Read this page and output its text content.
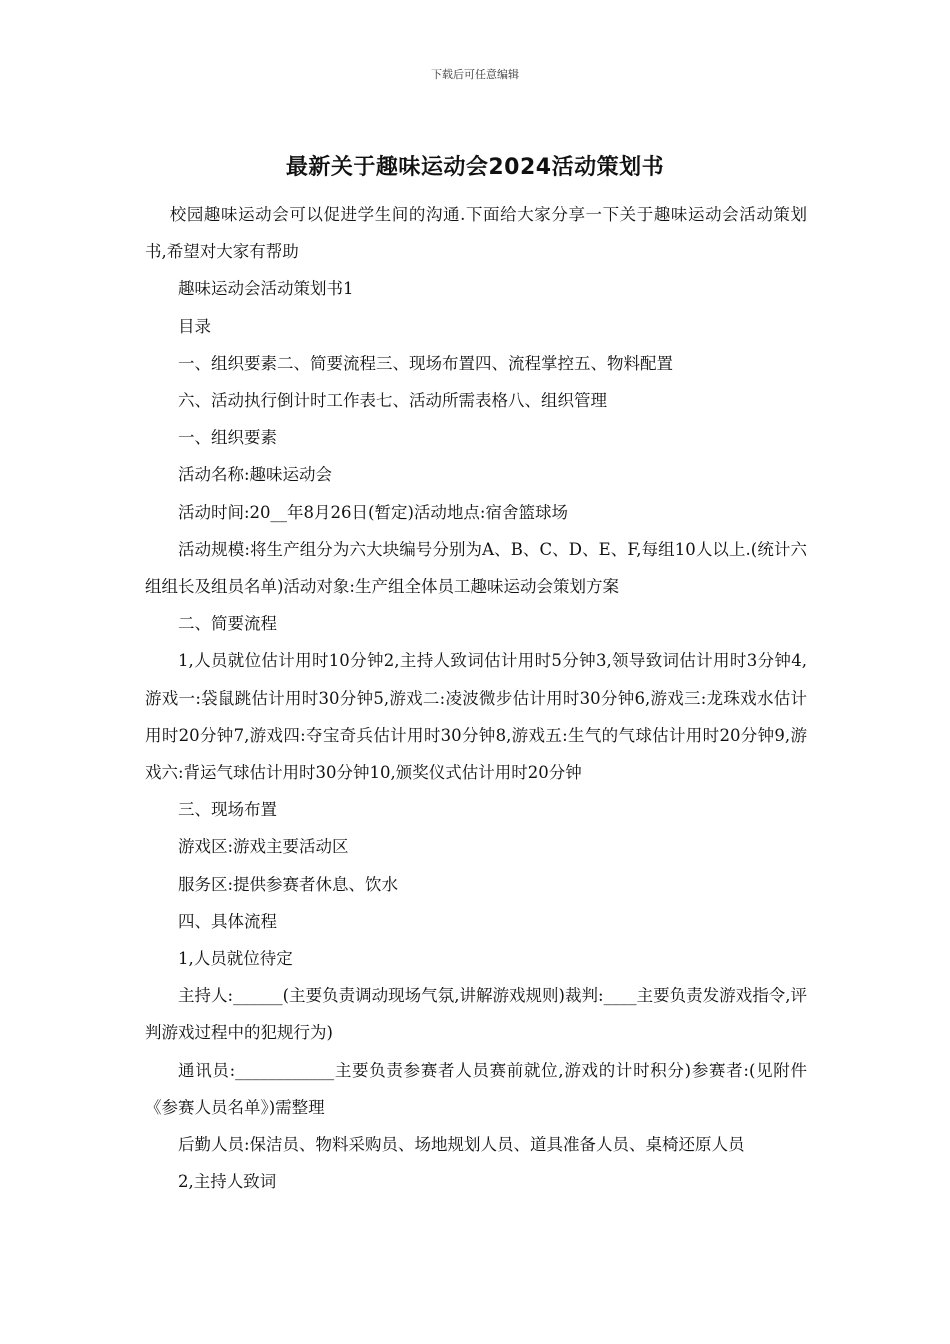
下载后可任意编辑
最新关于趣味运动会2024活动策划书

校园趣味运动会可以促进学生间的沟通.下面给大家分享一下关于趣味运动会活动策划书,希望对大家有帮助

趣味运动会活动策划书1

目录

一、组织要素二、简要流程三、现场布置四、流程掌控五、物料配置

六、活动执行倒计时工作表七、活动所需表格八、组织管理

一、组织要素

活动名称:趣味运动会

活动时间:20__年8月26日(暂定)活动地点:宿舍篮球场

活动规模:将生产组分为六大块编号分别为A、B、C、D、E、F,每组10人以上.(统计六组组长及组员名单)活动对象:生产组全体员工趣味运动会策划方案

二、简要流程

1,人员就位估计用时10分钟2,主持人致词估计用时5分钟3,领导致词估计用时3分钟4,游戏一:袋鼠跳估计用时30分钟5,游戏二:凌波微步估计用时30分钟6,游戏三:龙珠戏水估计用时20分钟7,游戏四:夺宝奇兵估计用时30分钟8,游戏五:生气的气球估计用时20分钟9,游戏六:背运气球估计用时30分钟10,颁奖仪式估计用时20分钟

三、现场布置

游戏区:游戏主要活动区

服务区:提供参赛者休息、饮水

四、具体流程

1,人员就位待定

主持人:______(主要负责调动现场气氛,讲解游戏规则)裁判:____主要负责发游戏指令,评判游戏过程中的犯规行为)

通讯员:____________主要负责参赛者人员赛前就位,游戏的计时积分)参赛者:(见附件《参赛人员名单》)需整理

后勤人员:保洁员、物料采购员、场地规划人员、道具准备人员、桌椅还原人员

2,主持人致词
